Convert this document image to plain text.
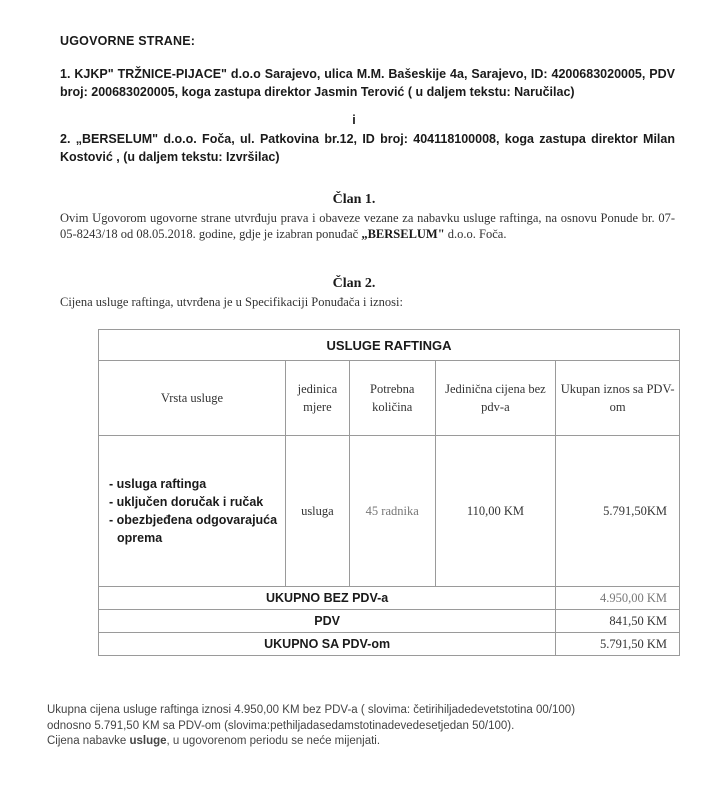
UGOVORNE STRANE:
1. KJKP" TRŽNICE-PIJACE" d.o.o Sarajevo, ulica M.M. Bašeskije 4a, Sarajevo, ID: 4200683020005, PDV broj: 200683020005, koga zastupa direktor Jasmin Terović ( u daljem tekstu: Naručilac)
i
2. „BERSELUM" d.o.o. Foča, ul. Patkovina br.12, ID broj: 404118100008, koga zastupa direktor Milan Kostović , (u daljem tekstu: Izvršilac)
Član 1.
Ovim Ugovorom ugovorne strane utvrđuju prava i obaveze vezane za nabavku usluge raftinga, na osnovu Ponude br. 07-05-8243/18 od 08.05.2018. godine, gdje je izabran ponuđač „BERSELUM" d.o.o. Foča.
Član 2.
Cijena usluge raftinga, utvrđena je u Specifikaciji Ponuđača i iznosi:
USLUGE RAFTINGA				
Vrsta usluge	jedinica mjere	Potrebna količina	Jedinična cijena bez pdv-a	Ukupan iznos sa PDV-om

- usluga raftinga
- uključen doručak i ručak
- obezbjeđena odgovarajuća
oprema	usluga	45 radnika	110,00 KM	5.791,50KM
UKUPNO BEZ PDV-a				4.950,00 KM
PDV				841,50 KM
UKUPNO SA PDV-om				5.791,50 KM
Ukupna cijena usluge raftinga iznosi 4.950,00 KM bez PDV-a ( slovima: četirihiljadedevetstotina 00/100)
odnosno 5.791,50 KM sa PDV-om (slovima:pethiljadasedamstotinadevedesetjedan 50/100).
Cijena nabavke usluge, u ugovorenom periodu se neće mijenjati.
